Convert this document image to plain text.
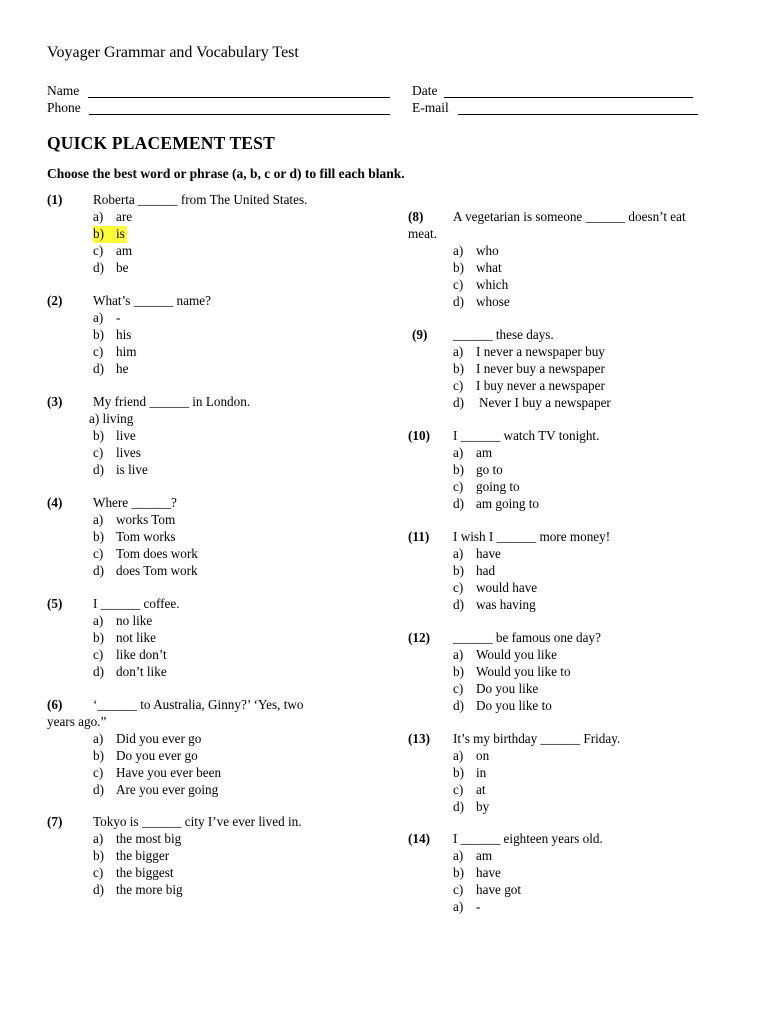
Voyager Grammar and Vocabulary Test
Name	Date
Phone	E-mail
QUICK PLACEMENT TEST
Choose the best word or phrase (a, b, c or d) to fill each blank.
(1) Roberta ______ from The United States.
a) are
b) is
c) am
d) be
(2) What’s ______ name?
a) -
b) his
c) him
d) he
(3) My friend ______ in London.
a) living
b) live
c) lives
d) is live
(4) Where ______?
a) works Tom
b) Tom works
c) Tom does work
d) does Tom work
(5) I ______ coffee.
a) no like
b) not like
c) like don’t
d) don’t like
(6) ‘______ to Australia, Ginny?’ ‘Yes, two
years ago.”
a) Did you ever go
b) Do you ever go
c) Have you ever been
d) Are you ever going
(7) Tokyo is ______ city I’ve ever lived in.
a) the most big
b) the bigger
c) the biggest
d) the more big
(8) A vegetarian is someone ______ doesn’t eat
meat.
a) who
b) what
c) which
d) whose
(9) ______ these days.
a) I never a newspaper buy
b) I never buy a newspaper
c) I buy never a newspaper
d) Never I buy a newspaper
(10) I ______ watch TV tonight.
a) am
b) go to
c) going to
d) am going to
(11) I wish I ______ more money!
a) have
b) had
c) would have
d) was having
(12) ______ be famous one day?
a) Would you like
b) Would you like to
c) Do you like
d) Do you like to
(13) It’s my birthday ______ Friday.
a) on
b) in
c) at
d) by
(14) I ______ eighteen years old.
a) am
b) have
c) have got
a) -
